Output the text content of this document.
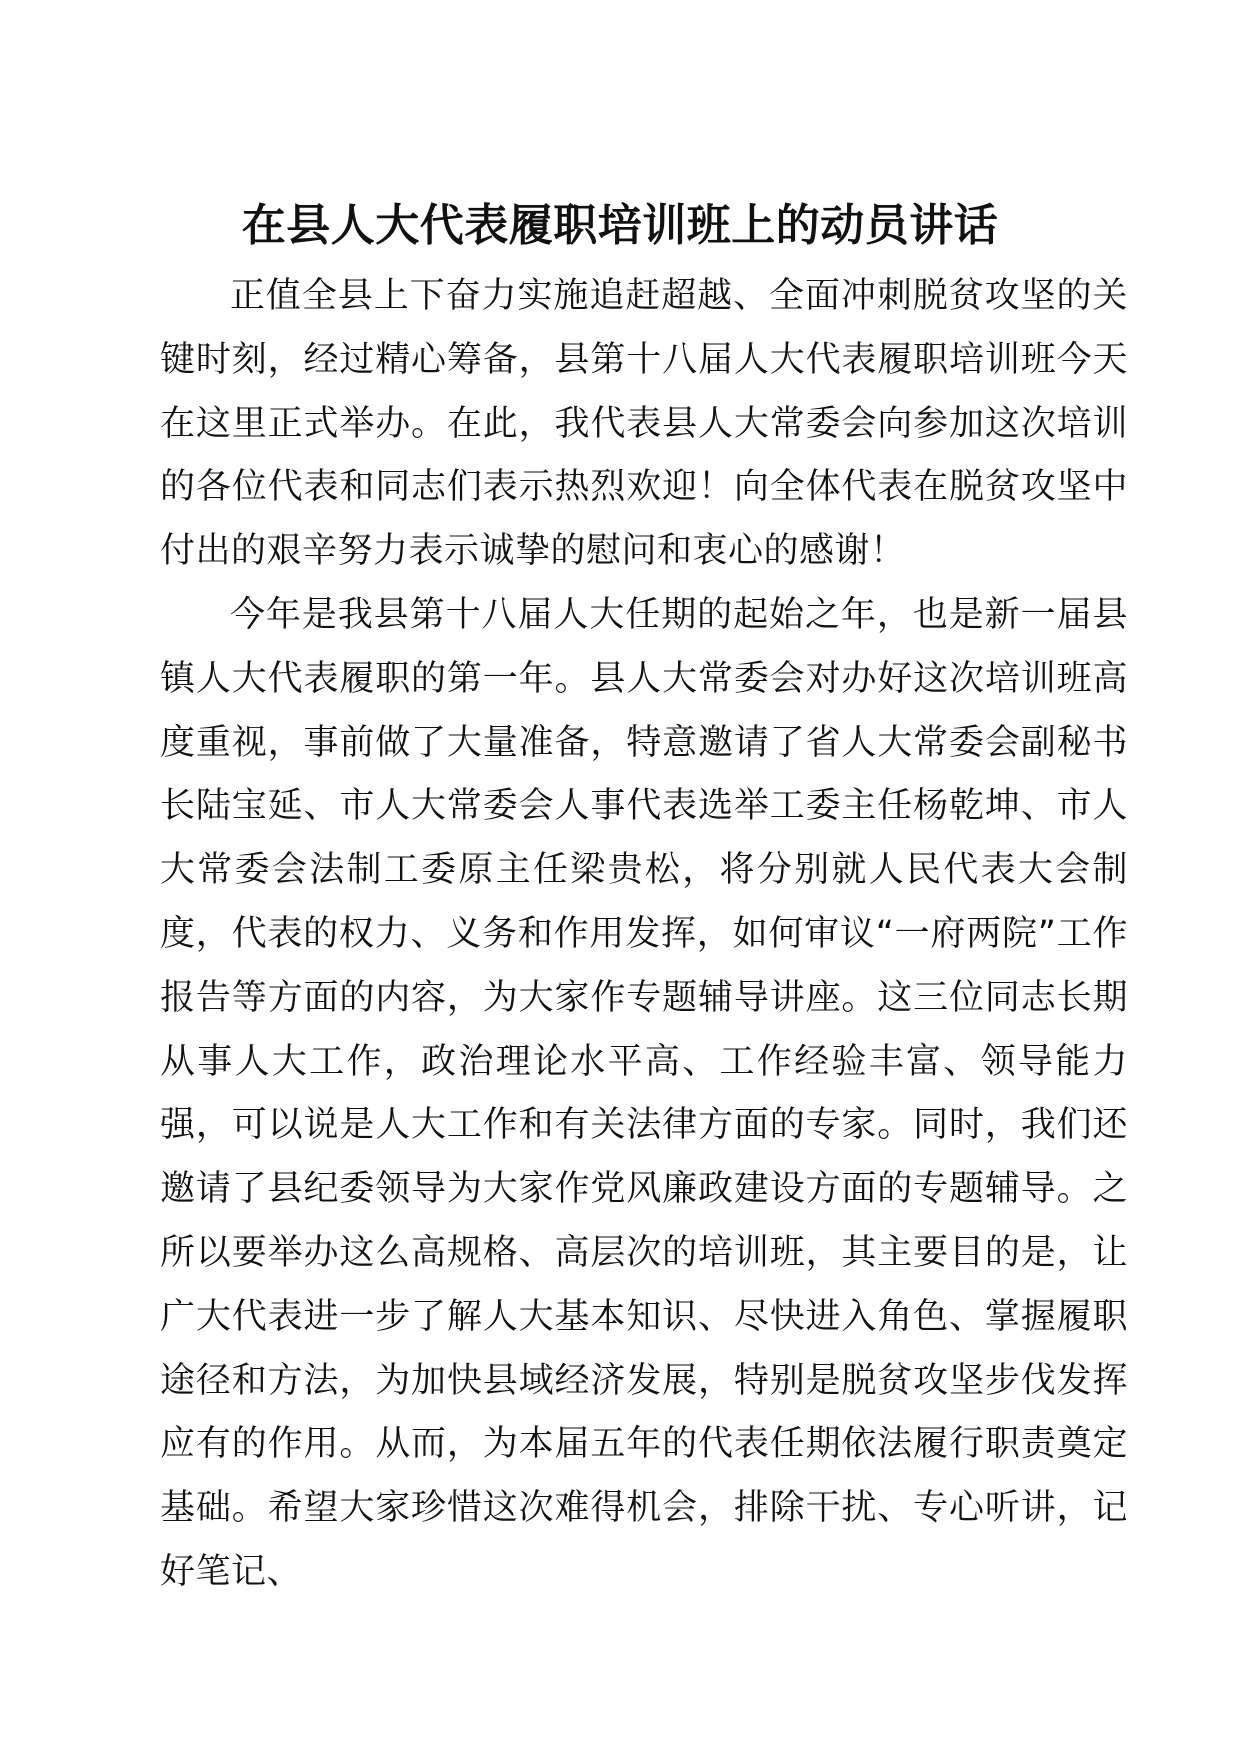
在县人大代表履职培训班上的动员讲话

正值全县上下奋力实施追赶超越、全面冲刺脱贫攻坚的关键时刻，经过精心筹备，县第十八届人大代表履职培训班今天在这里正式举办。在此，我代表县人大常委会向参加这次培训的各位代表和同志们表示热烈欢迎！向全体代表在脱贫攻坚中付出的艰辛努力表示诚挚的慰问和衷心的感谢！

今年是我县第十八届人大任期的起始之年，也是新一届县镇人大代表履职的第一年。县人大常委会对办好这次培训班高度重视，事前做了大量准备，特意邀请了省人大常委会副秘书长陆宝延、市人大常委会人事代表选举工委主任杨乾坤、市人大常委会法制工委原主任梁贵松，将分别就人民代表大会制度，代表的权力、义务和作用发挥，如何审议“一府两院”工作报告等方面的内容，为大家作专题辅导讲座。这三位同志长期从事人大工作，政治理论水平高、工作经验丰富、领导能力强，可以说是人大工作和有关法律方面的专家。同时，我们还邀请了县纪委领导为大家作党风廉政建设方面的专题辅导。之所以要举办这么高规格、高层次的培训班，其主要目的是，让广大代表进一步了解人大基本知识、尽快进入角色、掌握履职途径和方法，为加快县域经济发展，特别是脱贫攻坚步伐发挥应有的作用。从而，为本届五年的代表任期依法履行职责奠定基础。希望大家珍惜这次难得机会，排除干扰、专心听讲，记好笔记、
